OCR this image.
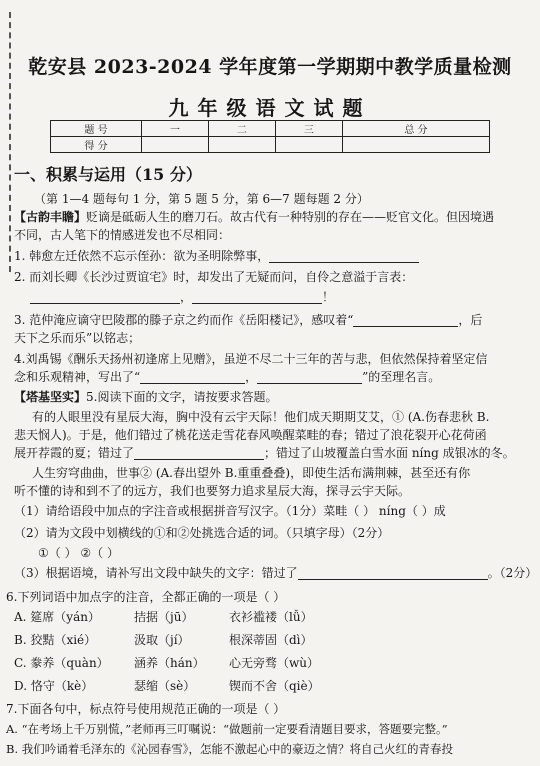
乾安县 2023-2024 学年度第一学期期中教学质量检测
九年级语文试题
题 号	一	二	三	总 分
得 分				
一、积累与运用（15 分）
（第 1—4 题每句 1 分，第 5 题 5 分，第 6—7 题每题 2 分）
【古韵丰瞻】贬谪是砥砺人生的磨刀石。故古代有一种特别的存在——贬官文化。但因境遇
不同，古人笔下的情感迸发也不尽相同：
1. 韩愈左迁依然不忘示侄孙：欲为圣明除弊事，
2. 而刘长卿《长沙过贾谊宅》时，却发出了无疑而问，自伶之意溢于言表：
，	！
3. 范仲淹应谪守巴陵郡的滕子京之约而作《岳阳楼记》，感叹着“	，后
天下之乐而乐”以铭志；
4.刘禹锡《酬乐天扬州初逢席上见赠》，虽逆不尽二十三年的苦与悲，但依然保持着坚定信
念和乐观精神，写出了“	，	”的至理名言。
【塔基坚实】5.阅读下面的文字，请按要求答题。
有的人眼里没有星辰大海，胸中没有云宇天际！他们成天期期艾艾，① (A.伤春悲秋 B.
悲天悯人)。于是，他们错过了桃花送走雪花春风唤醒菜畦的春；错过了浪花裂开心花荷函
展开荐霞的夏；错过了	；错过了山坡覆盖白雪水面 níng 成银冰的冬。
人生穷穹曲曲，世事② (A.春出望外 B.重重叠叠)，即使生活布满荆棘，甚至还有你
听不懂的诗和到不了的远方，我们也要努力追求星辰大海，探寻云宇天际。
（1）请给语段中加点的字注音或根据拼音写汉字。（1分）菜畦（ ） níng（ ）成
（2）请为文段中划横线的①和②处挑选合适的词。（只填字母）（2分）
①（ ） ②（ ）
（3）根据语境，请补写出文段中缺失的文字：错过了	。（2分）
6.下列词语中加点字的注音，全都正确的一项是（ ）
A. 筵席（yán）	拮据（jū）	衣衫褴褛（lǚ）
B. 狡黠（xié）	汲取（jí）	根深蒂固（dì）
C. 豢养（quàn） 涵养（hán） 心无旁骛（wù）
D. 恪守（kè）	瑟缩（sè）	锲而不舍（qiè）
7.下面各句中，标点符号使用规范正确的一项是（ ）
A. “在考场上千万别慌，”老师再三叮嘱说：“做题前一定要看清题目要求，答题要完整。”
B. 我们吟诵着毛泽东的《沁园春雪》，怎能不激起心中的豪迈之情？将自己火红的青春投
